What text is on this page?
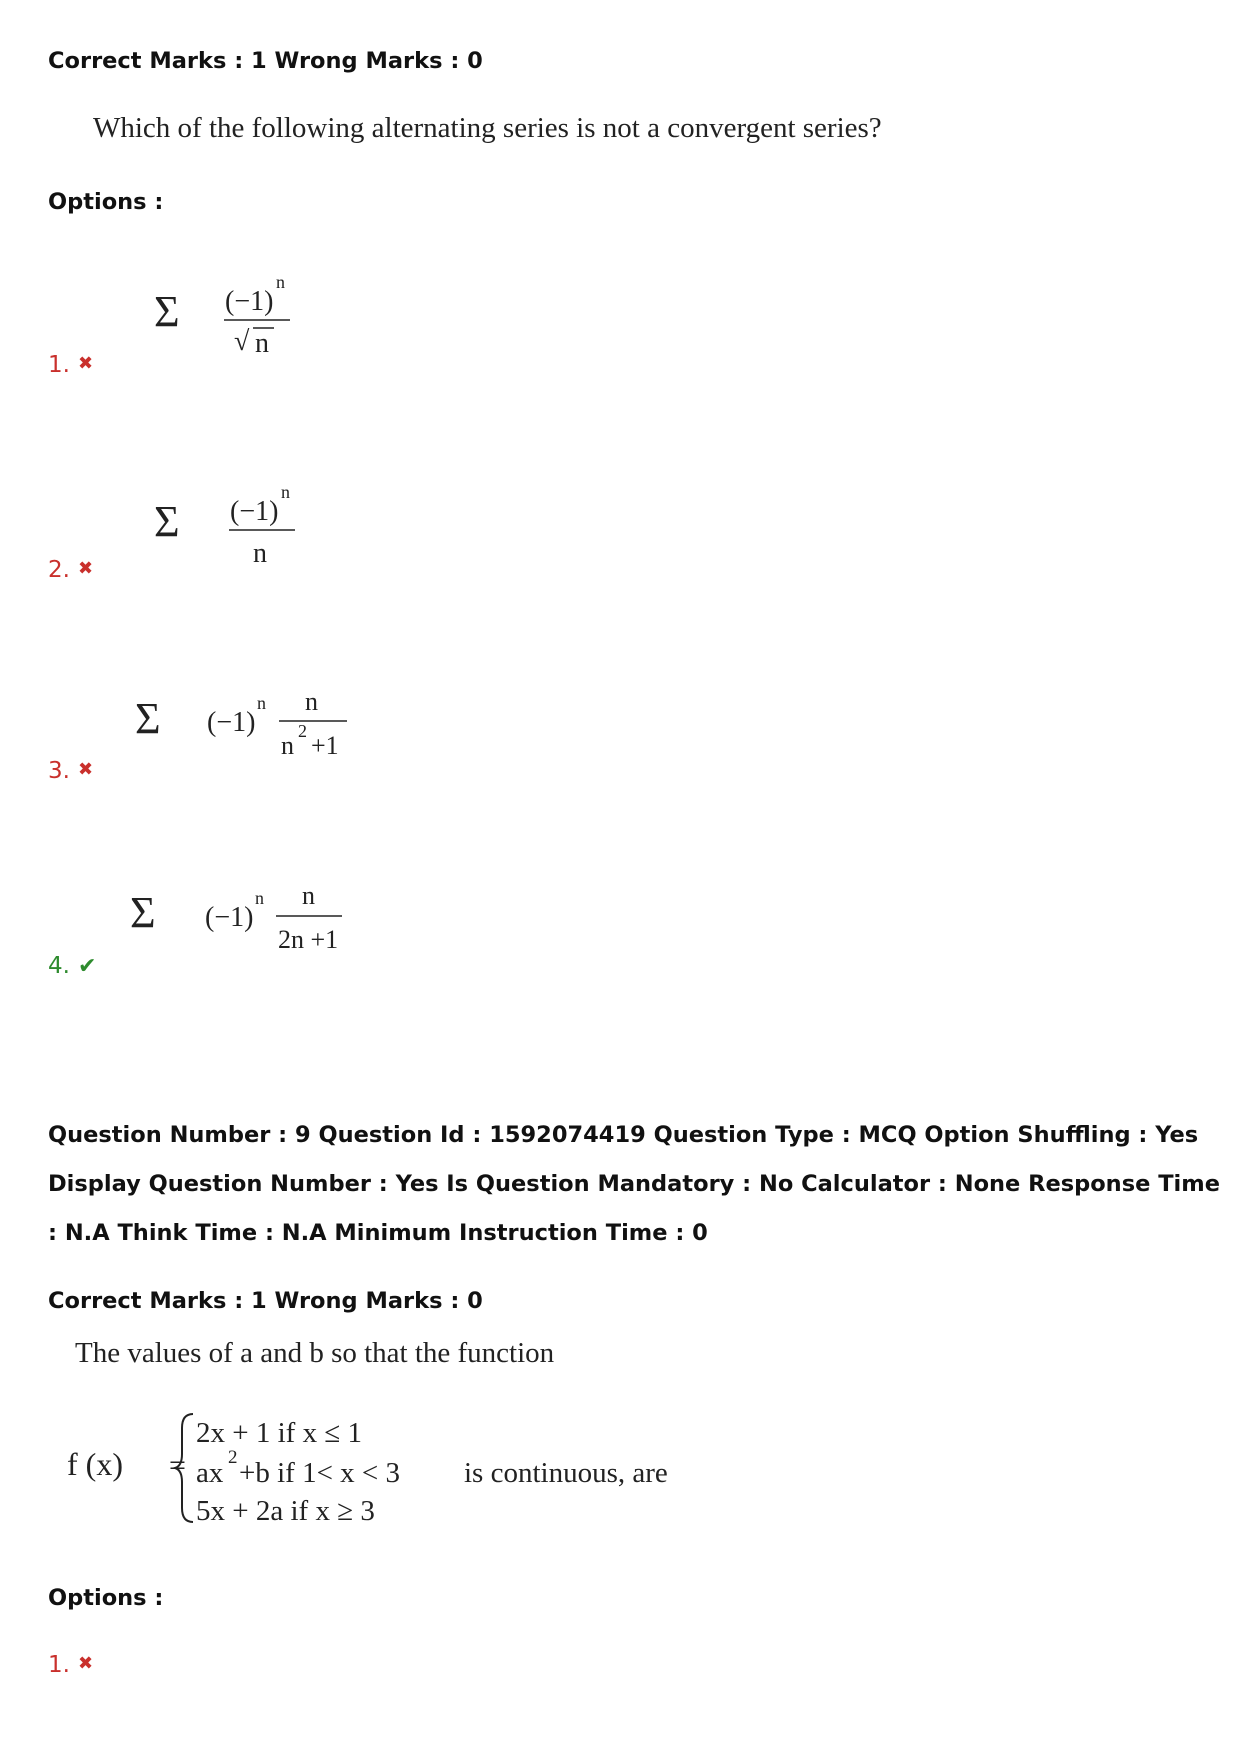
Correct Marks : 1 Wrong Marks : 0

Which of the following alternating series is not a convergent series?

Options :

Σ (−1)
n
√ n
1. ✖
Σ (−1)
n
n
2. ✖
Σ (−1)
n n
n 2 +1
3. ✖
Σ (−1)
n n
2n +1
4. ✔

Question Number : 9 Question Id : 1592074419 Question Type : MCQ Option Shuffling : Yes

Display Question Number : Yes Is Question Mandatory : No Calculator : None Response Time

: N.A Think Time : N.A Minimum Instruction Time : 0

Correct Marks : 1 Wrong Marks : 0

The values of a and b so that the function

f (x) =
2x + 1 if x ≤ 1
ax 2 +b if 1< x < 3 is continuous, are
5x + 2a if x ≥ 3

Options :

1. ✖
